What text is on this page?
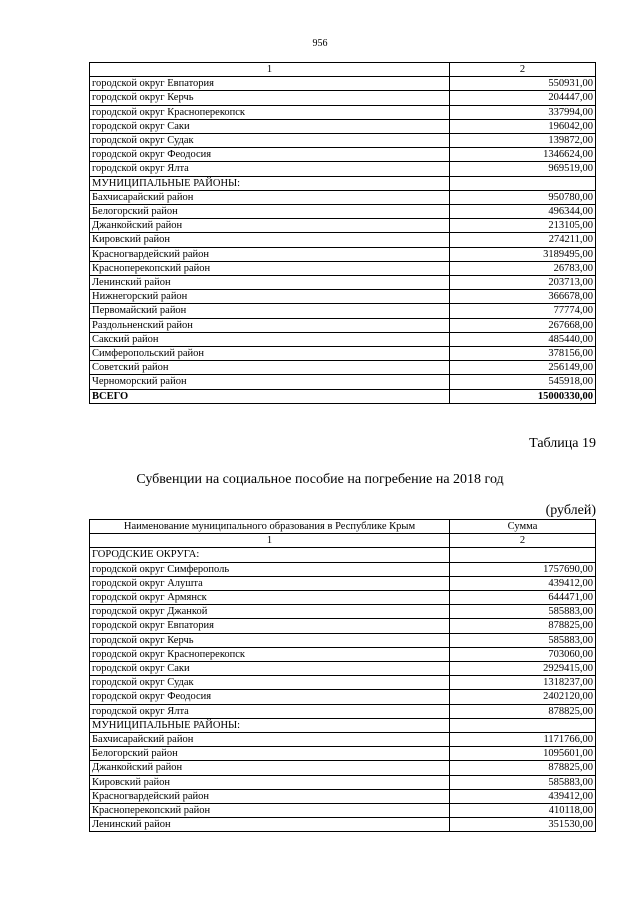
956
1	2
городской округ Евпатория	550931,00
городской округ Керчь	204447,00
городской округ Красноперекопск	337994,00
городской округ Саки	196042,00
городской округ Судак	139872,00
городской округ Феодосия	1346624,00
городской округ Ялта	969519,00
МУНИЦИПАЛЬНЫЕ РАЙОНЫ:	
Бахчисарайский район	950780,00
Белогорский район	496344,00
Джанкойский район	213105,00
Кировский район	274211,00
Красногвардейский район	3189495,00
Красноперекопский район	26783,00
Ленинский район	203713,00
Нижнегорский район	366678,00
Первомайский район	77774,00
Раздольненский район	267668,00
Сакский район	485440,00
Симферопольский район	378156,00
Советский район	256149,00
Черноморский район	545918,00
ВСЕГО	15000330,00
Таблица 19
Субвенции на социальное пособие на погребение на 2018 год
(рублей)
Наименование муниципального образования в Республике Крым	Сумма
1	2
ГОРОДСКИЕ ОКРУГА:	
городской округ Симферополь	1757690,00
городской округ Алушта	439412,00
городской округ Армянск	644471,00
городской округ Джанкой	585883,00
городской округ Евпатория	878825,00
городской округ Керчь	585883,00
городской округ Красноперекопск	703060,00
городской округ Саки	2929415,00
городской округ Судак	1318237,00
городской округ Феодосия	2402120,00
городской округ Ялта	878825,00
МУНИЦИПАЛЬНЫЕ РАЙОНЫ:	
Бахчисарайский район	1171766,00
Белогорский район	1095601,00
Джанкойский район	878825,00
Кировский район	585883,00
Красногвардейский район	439412,00
Красноперекопский район	410118,00
Ленинский район	351530,00
